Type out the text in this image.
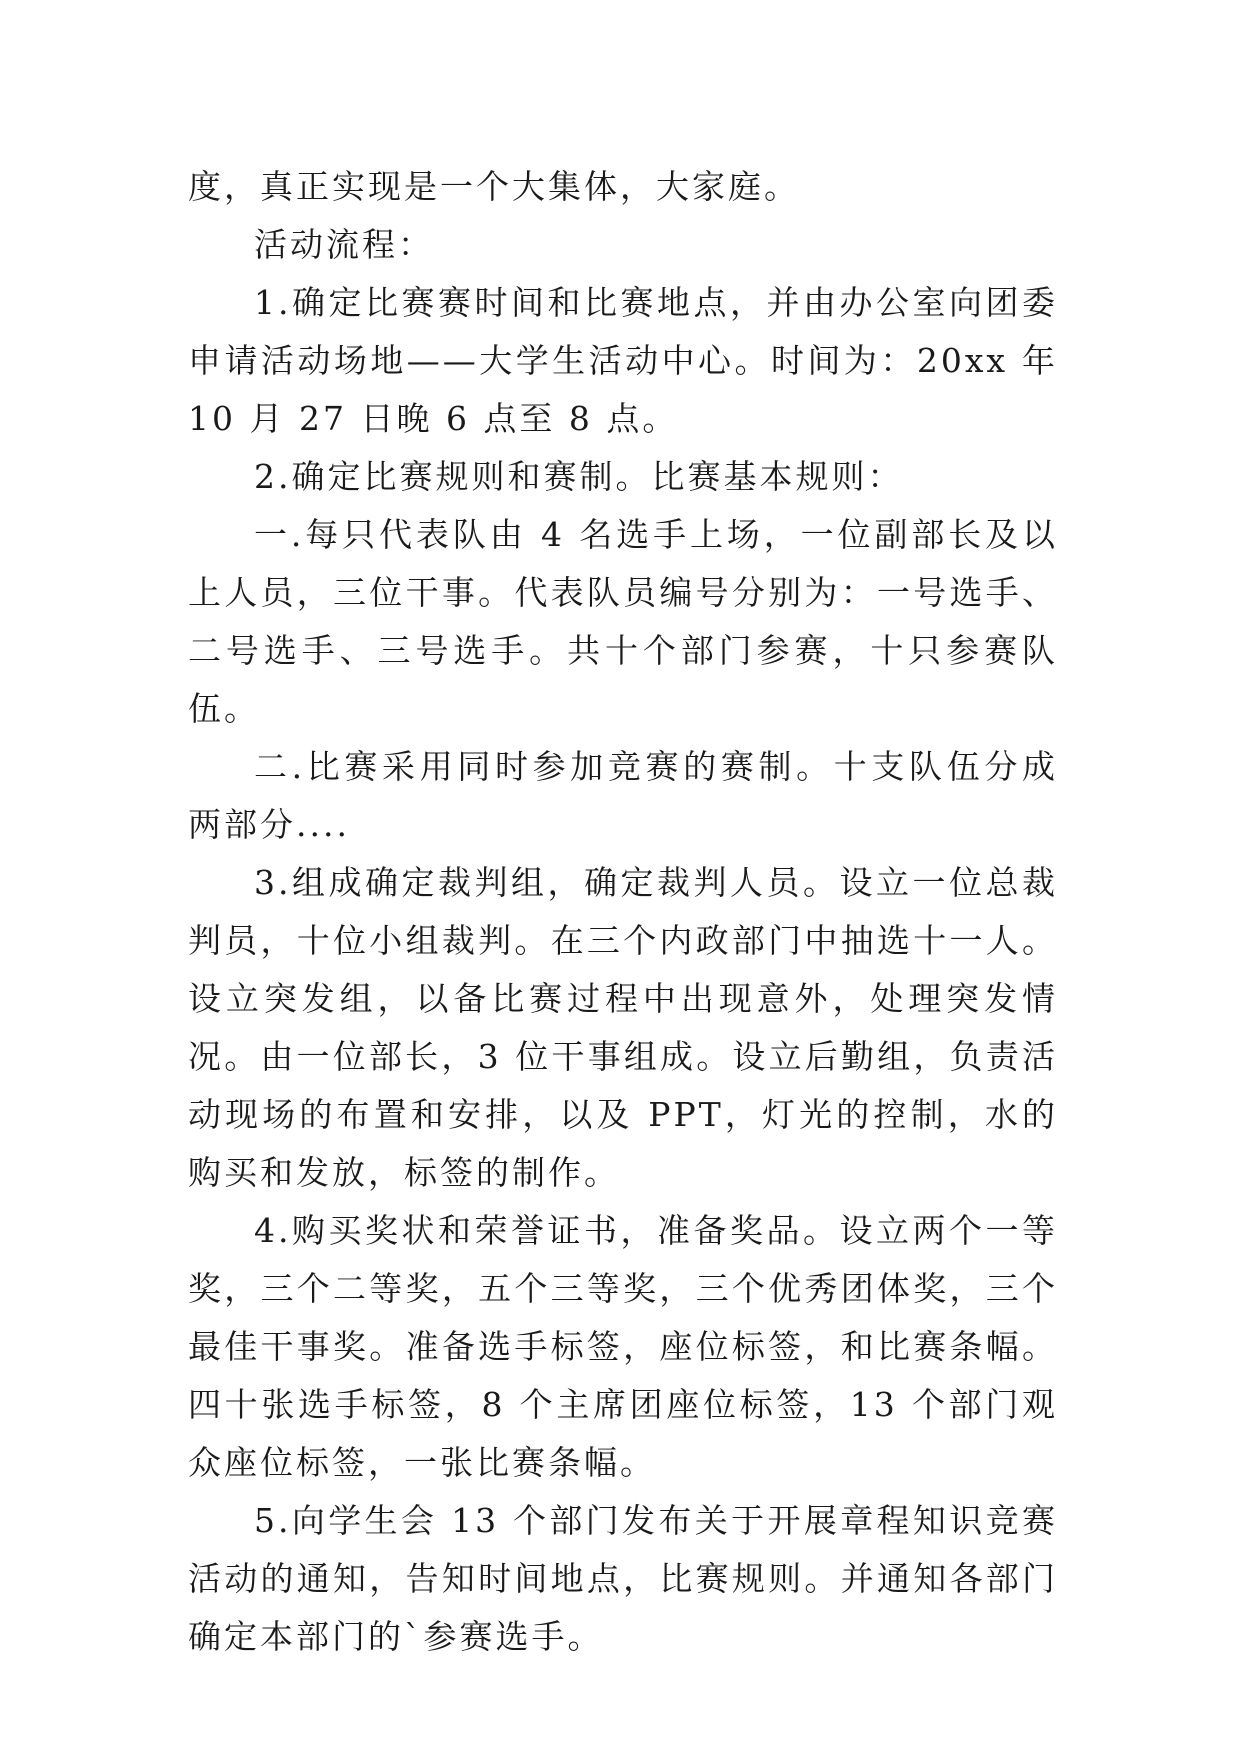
度，真正实现是一个大集体，大家庭。

活动流程：

1.确定比赛赛时间和比赛地点，并由办公室向团委申请活动场地——大学生活动中心。时间为：20xx 年 10 月 27 日晚 6 点至 8 点。

2.确定比赛规则和赛制。比赛基本规则：

一.每只代表队由 4 名选手上场，一位副部长及以上人员，三位干事。代表队员编号分别为：一号选手、二号选手、三号选手。共十个部门参赛，十只参赛队伍。

二.比赛采用同时参加竞赛的赛制。十支队伍分成两部分....

3.组成确定裁判组，确定裁判人员。设立一位总裁判员，十位小组裁判。在三个内政部门中抽选十一人。设立突发组，以备比赛过程中出现意外，处理突发情况。由一位部长，3 位干事组成。设立后勤组，负责活动现场的布置和安排，以及 PPT，灯光的控制，水的购买和发放，标签的制作。

4.购买奖状和荣誉证书，准备奖品。设立两个一等奖，三个二等奖，五个三等奖，三个优秀团体奖，三个最佳干事奖。准备选手标签，座位标签，和比赛条幅。四十张选手标签，8 个主席团座位标签，13 个部门观众座位标签，一张比赛条幅。

5.向学生会 13 个部门发布关于开展章程知识竞赛活动的通知，告知时间地点，比赛规则。并通知各部门确定本部门的`参赛选手。
